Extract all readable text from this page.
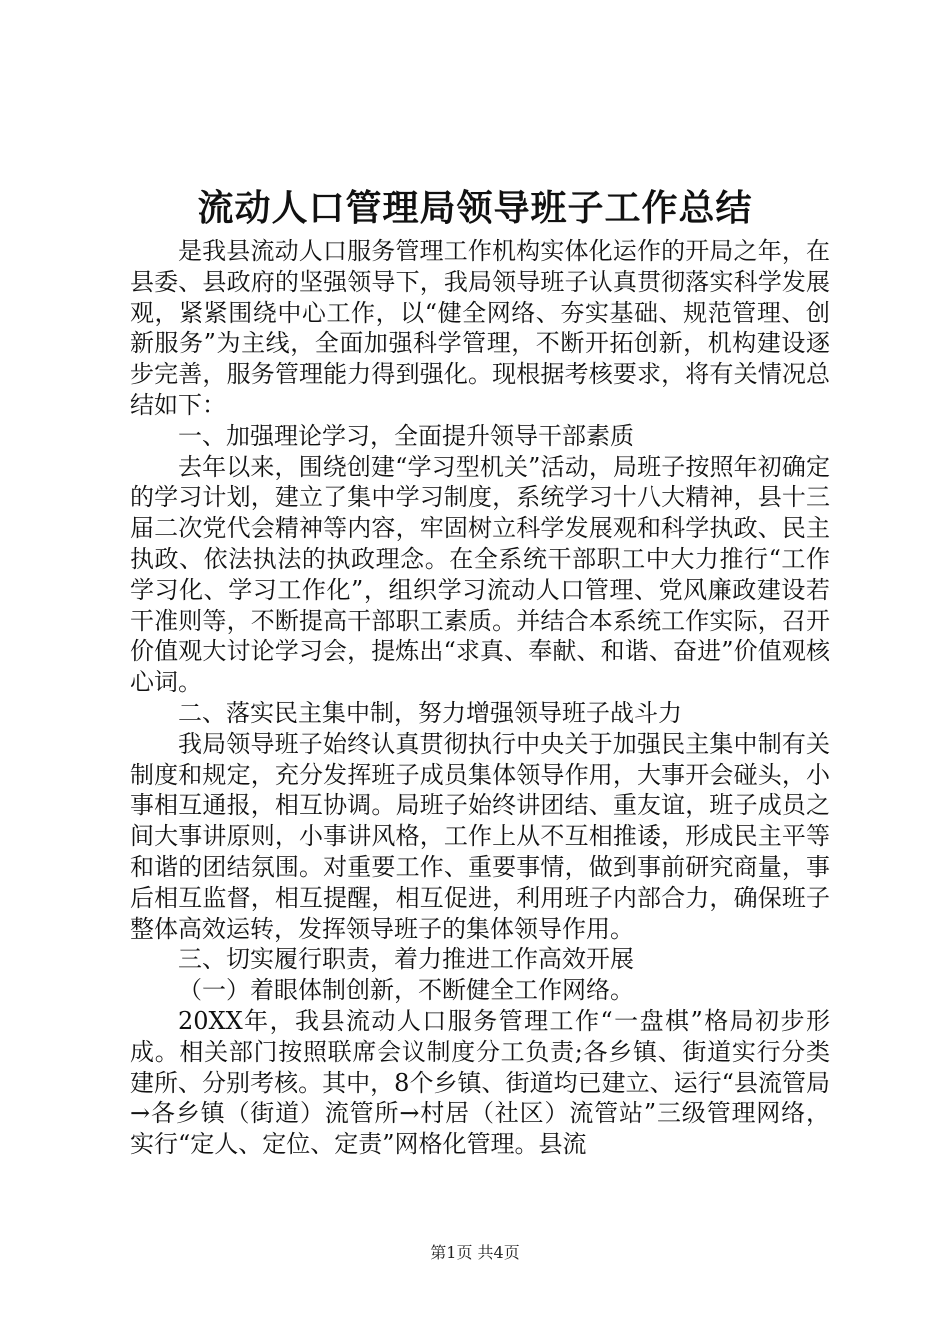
流动人口管理局领导班子工作总结

是我县流动人口服务管理工作机构实体化运作的开局之年，在县委、县政府的坚强领导下，我局领导班子认真贯彻落实科学发展观，紧紧围绕中心工作，以“健全网络、夯实基础、规范管理、创新服务”为主线，全面加强科学管理，不断开拓创新，机构建设逐步完善，服务管理能力得到强化。现根据考核要求，将有关情况总结如下：

一、加强理论学习，全面提升领导干部素质

去年以来，围绕创建“学习型机关”活动，局班子按照年初确定的学习计划，建立了集中学习制度，系统学习十八大精神，县十三届二次党代会精神等内容，牢固树立科学发展观和科学执政、民主执政、依法执法的执政理念。在全系统干部职工中大力推行“工作学习化、学习工作化”，组织学习流动人口管理、党风廉政建设若干准则等，不断提高干部职工素质。并结合本系统工作实际，召开价值观大讨论学习会，提炼出“求真、奉献、和谐、奋进”价值观核心词。

二、落实民主集中制，努力增强领导班子战斗力

我局领导班子始终认真贯彻执行中央关于加强民主集中制有关制度和规定，充分发挥班子成员集体领导作用，大事开会碰头，小事相互通报，相互协调。局班子始终讲团结、重友谊，班子成员之间大事讲原则，小事讲风格，工作上从不互相推诿，形成民主平等和谐的团结氛围。对重要工作、重要事情，做到事前研究商量，事后相互监督，相互提醒，相互促进，利用班子内部合力，确保班子整体高效运转，发挥领导班子的集体领导作用。

三、切实履行职责，着力推进工作高效开展

（一）着眼体制创新，不断健全工作网络。

20XX年，我县流动人口服务管理工作“一盘棋”格局初步形成。相关部门按照联席会议制度分工负责;各乡镇、街道实行分类建所、分别考核。其中，8个乡镇、街道均已建立、运行“县流管局→各乡镇（街道）流管所→村居（社区）流管站”三级管理网络，实行“定人、定位、定责”网格化管理。县流

第1页 共4页
